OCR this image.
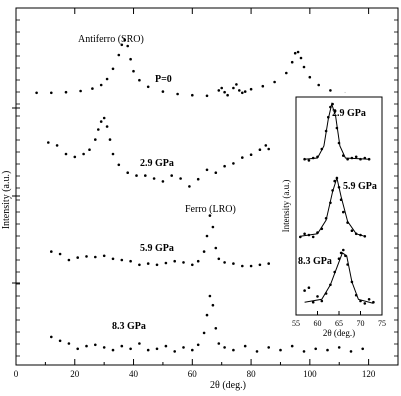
0	20	40	60	80	100	120
P=0
2.9 GPa
5.9 GPa
8.3 GPa	55 60 65 70 75
2θ (deg.)
Intensity (a.u.)
2.9 GPa
5.9 GPa
8.3 GPa
2θ (deg.)
Intensity (a.u.)
Antiferro (SRO)
Ferro (LRO)
